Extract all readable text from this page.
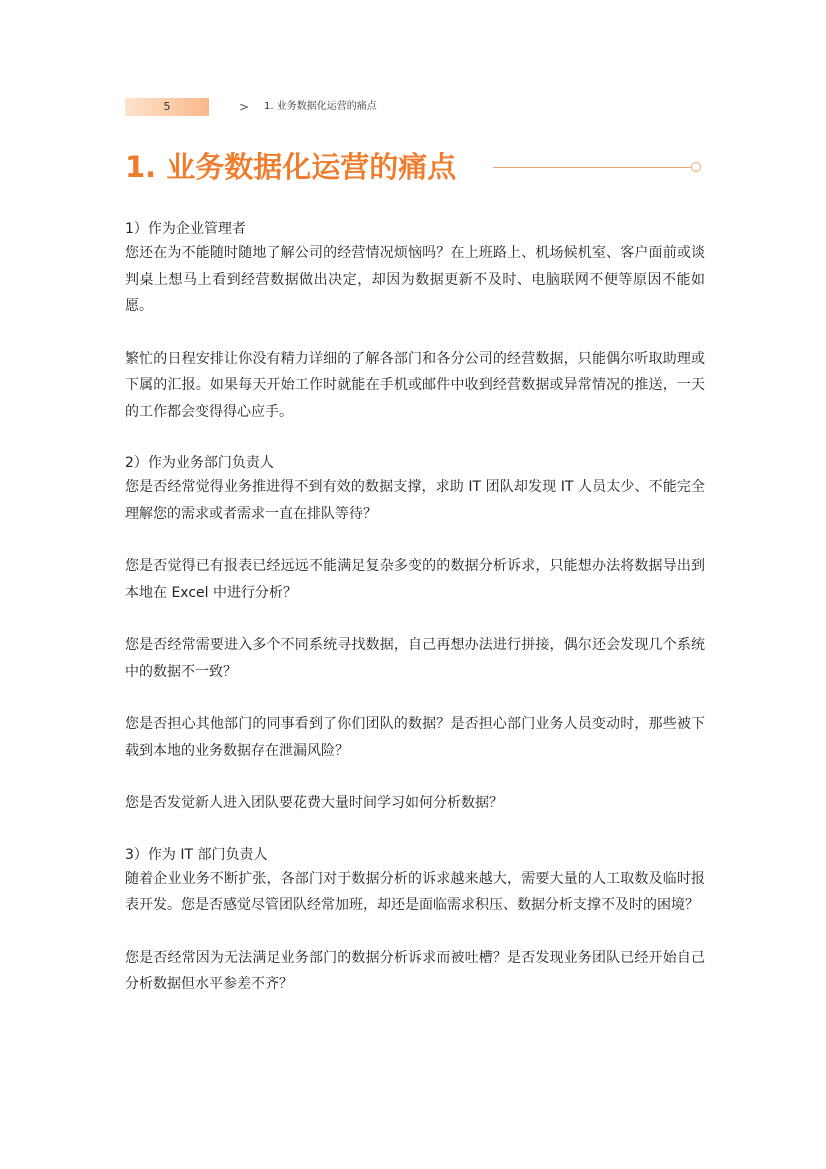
5	> 1. 业务数据化运营的痛点
1. 业务数据化运营的痛点
1）作为企业管理者

您还在为不能随时随地了解公司的经营情况烦恼吗？在上班路上、机场候机室、客户面前或谈判桌上想马上看到经营数据做出决定，却因为数据更新不及时、电脑联网不便等原因不能如愿。

繁忙的日程安排让你没有精力详细的了解各部门和各分公司的经营数据，只能偶尔听取助理或下属的汇报。如果每天开始工作时就能在手机或邮件中收到经营数据或异常情况的推送，一天的工作都会变得得心应手。

2）作为业务部门负责人

您是否经常觉得业务推进得不到有效的数据支撑，求助 IT 团队却发现 IT 人员太少、不能完全理解您的需求或者需求一直在排队等待？

您是否觉得已有报表已经远远不能满足复杂多变的的数据分析诉求，只能想办法将数据导出到本地在 Excel 中进行分析？

您是否经常需要进入多个不同系统寻找数据，自己再想办法进行拼接，偶尔还会发现几个系统中的数据不一致？

您是否担心其他部门的同事看到了你们团队的数据？是否担心部门业务人员变动时，那些被下载到本地的业务数据存在泄漏风险？

您是否发觉新人进入团队要花费大量时间学习如何分析数据？

3）作为 IT 部门负责人

随着企业业务不断扩张，各部门对于数据分析的诉求越来越大，需要大量的人工取数及临时报表开发。您是否感觉尽管团队经常加班，却还是面临需求积压、数据分析支撑不及时的困境？

您是否经常因为无法满足业务部门的数据分析诉求而被吐槽？是否发现业务团队已经开始自己分析数据但水平参差不齐？
